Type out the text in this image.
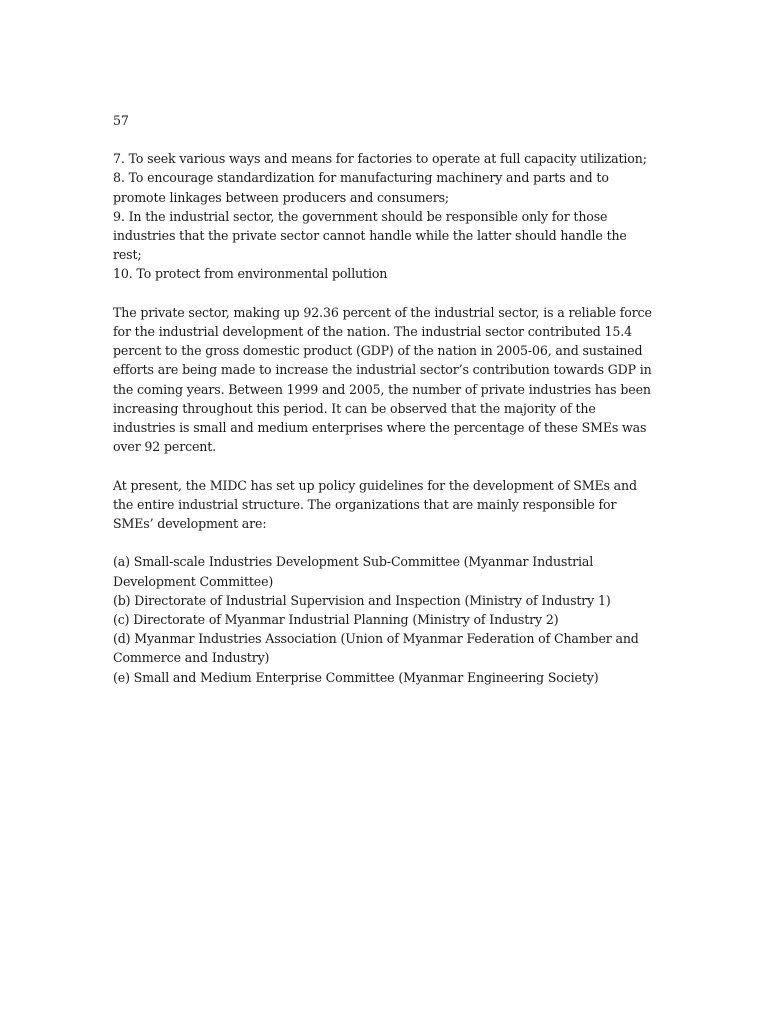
57
7. To seek various ways and means for factories to operate at full capacity utilization;
8. To encourage standardization for manufacturing machinery and parts and to promote linkages between producers and consumers;
9. In the industrial sector, the government should be responsible only for those industries that the private sector cannot handle while the latter should handle the rest;
10. To protect from environmental pollution

The private sector, making up 92.36 percent of the industrial sector, is a reliable force for the industrial development of the nation. The industrial sector contributed 15.4 percent to the gross domestic product (GDP) of the nation in 2005-06, and sustained efforts are being made to increase the industrial sector’s contribution towards GDP in the coming years. Between 1999 and 2005, the number of private industries has been increasing throughout this period. It can be observed that the majority of the industries is small and medium enterprises where the percentage of these SMEs was over 92 percent.

At present, the MIDC has set up policy guidelines for the development of SMEs and the entire industrial structure. The organizations that are mainly responsible for SMEs’ development are:

(a) Small-scale Industries Development Sub-Committee (Myanmar Industrial Development Committee)
(b) Directorate of Industrial Supervision and Inspection (Ministry of Industry 1)
(c) Directorate of Myanmar Industrial Planning (Ministry of Industry 2)
(d) Myanmar Industries Association (Union of Myanmar Federation of Chamber and Commerce and Industry)
(e) Small and Medium Enterprise Committee (Myanmar Engineering Society)
